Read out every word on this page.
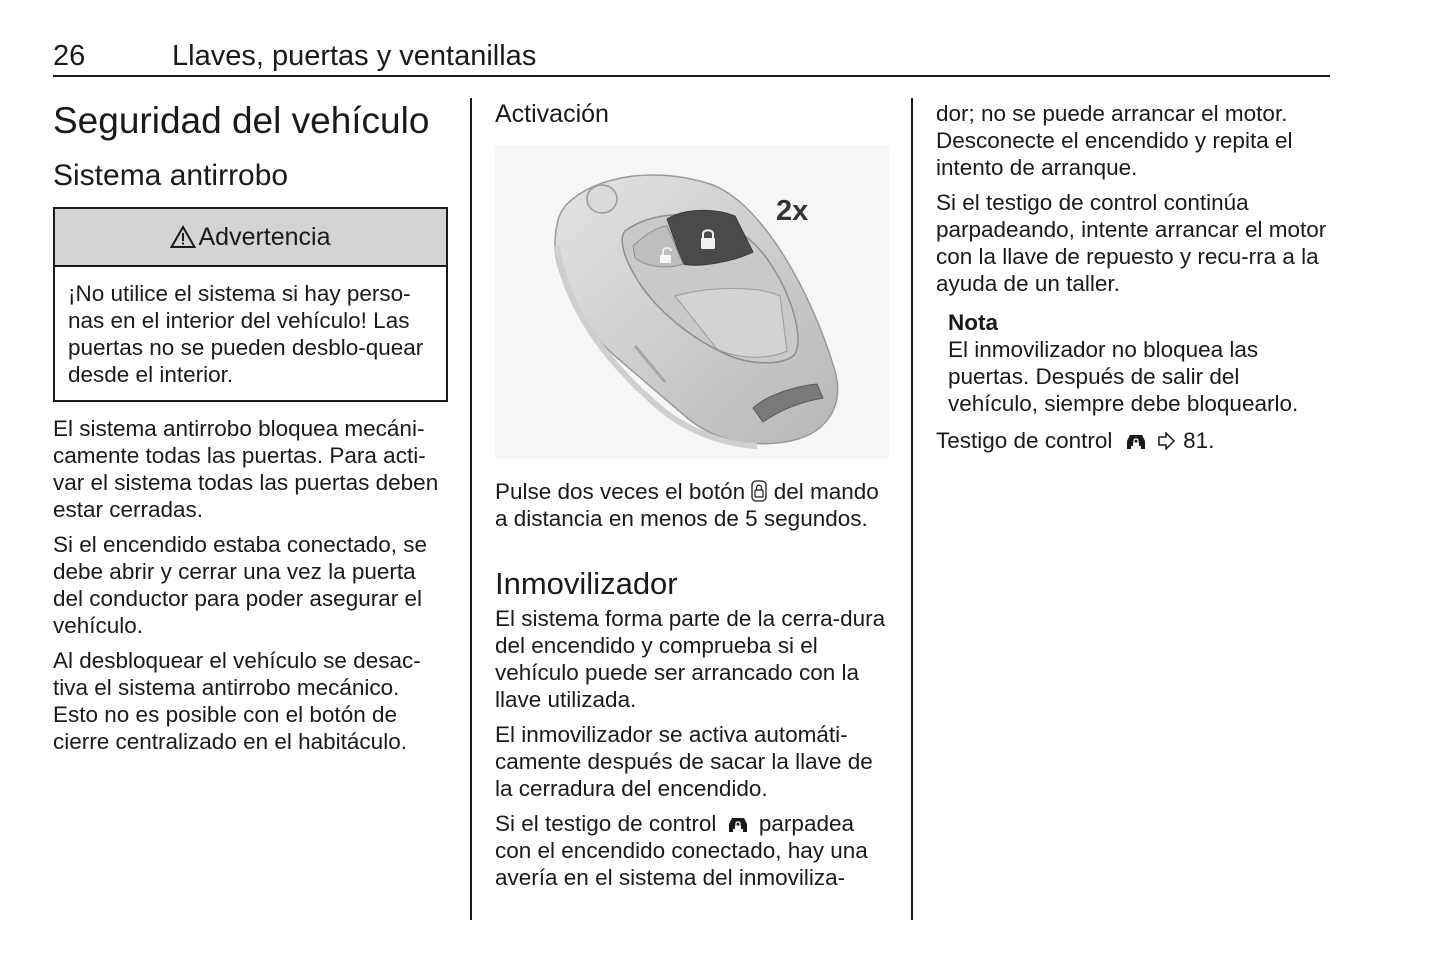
26	Llaves, puertas y ventanillas
Seguridad del vehículo
Sistema antirrobo
Advertencia
¡No utilice el sistema si hay perso-nas en el interior del vehículo! Las puertas no se pueden desblo-quear desde el interior.

El sistema antirrobo bloquea mecáni-camente todas las puertas. Para acti-var el sistema todas las puertas deben estar cerradas.

Si el encendido estaba conectado, se debe abrir y cerrar una vez la puerta del conductor para poder asegurar el vehículo.

Al desbloquear el vehículo se desac-tiva el sistema antirrobo mecánico. Esto no es posible con el botón de cierre centralizado en el habitáculo.

Activación
2x

Pulse dos veces el botón del mando a distancia en menos de 5 segundos.

Inmovilizador

El sistema forma parte de la cerra-dura del encendido y comprueba si el vehículo puede ser arrancado con la llave utilizada.

El inmovilizador se activa automáti-camente después de sacar la llave de la cerradura del encendido.

Si el testigo de control parpadea con el encendido conectado, hay una avería en el sistema del inmoviliza-

dor; no se puede arrancar el motor. Desconecte el encendido y repita el intento de arranque.

Si el testigo de control continúa parpadeando, intente arrancar el motor con la llave de repuesto y recu-rra a la ayuda de un taller.

Nota
El inmovilizador no bloquea las puertas. Después de salir del vehículo, siempre debe bloquearlo.

Testigo de control	81.
